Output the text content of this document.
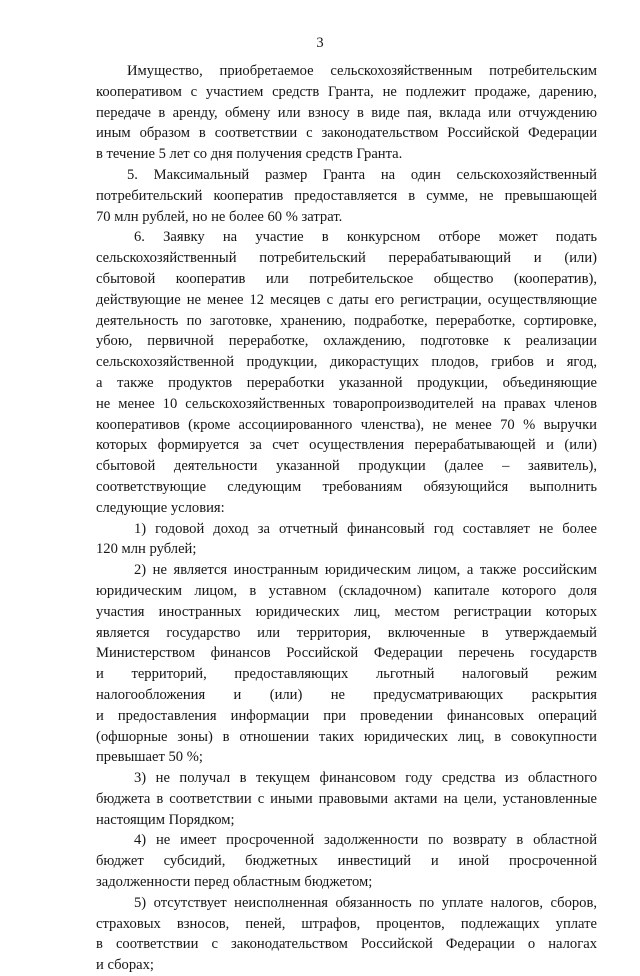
3
Имущество, приобретаемое сельскохозяйственным потребительским
кооперативом с участием средств Гранта, не подлежит продаже, дарению,
передаче в аренду, обмену или взносу в виде пая, вклада или отчуждению
иным образом в соответствии с законодательством Российской Федерации
в течение 5 лет со дня получения средств Гранта.
5. Максимальный размер Гранта на один сельскохозяйственный
потребительский кооператив предоставляется в сумме, не превышающей
70 млн рублей, но не более 60 % затрат.
6. Заявку на участие в конкурсном отборе может подать
сельскохозяйственный потребительский перерабатывающий и (или)
сбытовой кооператив или потребительское общество (кооператив),
действующие не менее 12 месяцев с даты его регистрации, осуществляющие
деятельность по заготовке, хранению, подработке, переработке, сортировке,
убою, первичной переработке, охлаждению, подготовке к реализации
сельскохозяйственной продукции, дикорастущих плодов, грибов и ягод,
а также продуктов переработки указанной продукции, объединяющие
не менее 10 сельскохозяйственных товаропроизводителей на правах членов
кооперативов (кроме ассоциированного членства), не менее 70 % выручки
которых формируется за счет осуществления перерабатывающей и (или)
сбытовой деятельности указанной продукции (далее – заявитель),
соответствующие следующим требованиям обязующийся выполнить
следующие условия:
1) годовой доход за отчетный финансовый год составляет не более
120 млн рублей;
2) не является иностранным юридическим лицом, а также российским
юридическим лицом, в уставном (складочном) капитале которого доля
участия иностранных юридических лиц, местом регистрации которых
является государство или территория, включенные в утверждаемый
Министерством финансов Российской Федерации перечень государств
и территорий, предоставляющих льготный налоговый режим
налогообложения и (или) не предусматривающих раскрытия
и предоставления информации при проведении финансовых операций
(офшорные зоны) в отношении таких юридических лиц, в совокупности
превышает 50 %;
3) не получал в текущем финансовом году средства из областного
бюджета в соответствии с иными правовыми актами на цели, установленные
настоящим Порядком;
4) не имеет просроченной задолженности по возврату в областной
бюджет субсидий, бюджетных инвестиций и иной просроченной
задолженности перед областным бюджетом;
5) отсутствует неисполненная обязанность по уплате налогов, сборов,
страховых взносов, пеней, штрафов, процентов, подлежащих уплате
в соответствии с законодательством Российской Федерации о налогах
и сборах;
